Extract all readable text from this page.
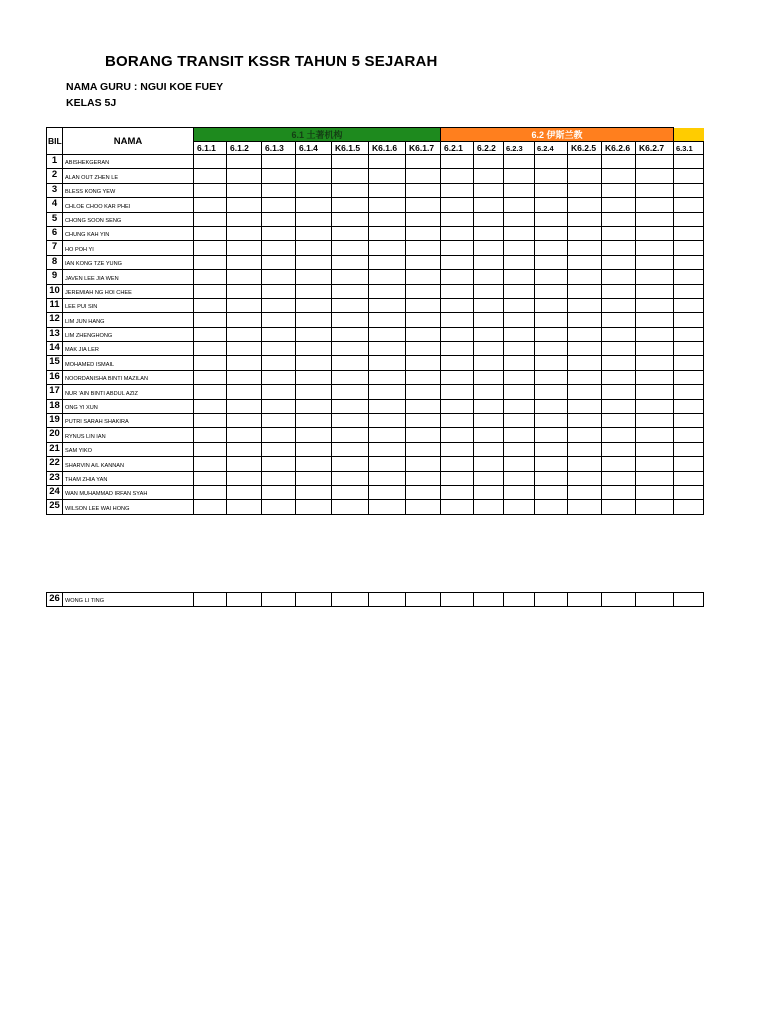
BORANG TRANSIT KSSR TAHUN 5 SEJARAH
NAMA GURU : NGUI KOE FUEY
KELAS 5J
BIL	NAMA	6.1 土著机构							6.2 伊斯兰教							

		6.1.1	6.1.2	6.1.3	6.1.4	K6.1.5	K6.1.6	K6.1.7	6.2.1	6.2.2	6.2.3	6.2.4	K6.2.5	K6.2.6	K6.2.7	6.3.1
1	ABISHEKGERAN															
2	ALAN OUT ZHEN LE															
3	BLESS KONG YEW															
4	CHLOE CHOO KAR PHEI															
5	CHONG SOON SENG															
6	CHUNG KAH YIN															
7	HO POH YI															
8	IAN KONG TZE YUNG															
9	JAVEN LEE JIA WEN															
10	JEREMIAH NG HOI CHEE															
11	LEE PUI SIN															
12	LIM JUN HANG															
13	LIM ZHENGHONG															
14	MAK JIA LER															
15	MOHAMED ISMAIL															
16	NOORDANISHA BINTI MAZILAN															
17	NUR 'AIN BINTI ABDUL AZIZ															
18	ONG YI XUN															
19	PUTRI SARAH SHAKIRA															
20	RYNUS LIN IAN															
21	SAM YIKO															
22	SHARVIN A/L KANNAN															
23	THAM ZHIA YAN															
24	WAN MUHAMMAD IRFAN SYAH															
25	WILSON LEE WAI HONG															
26	WONG LI TING															
